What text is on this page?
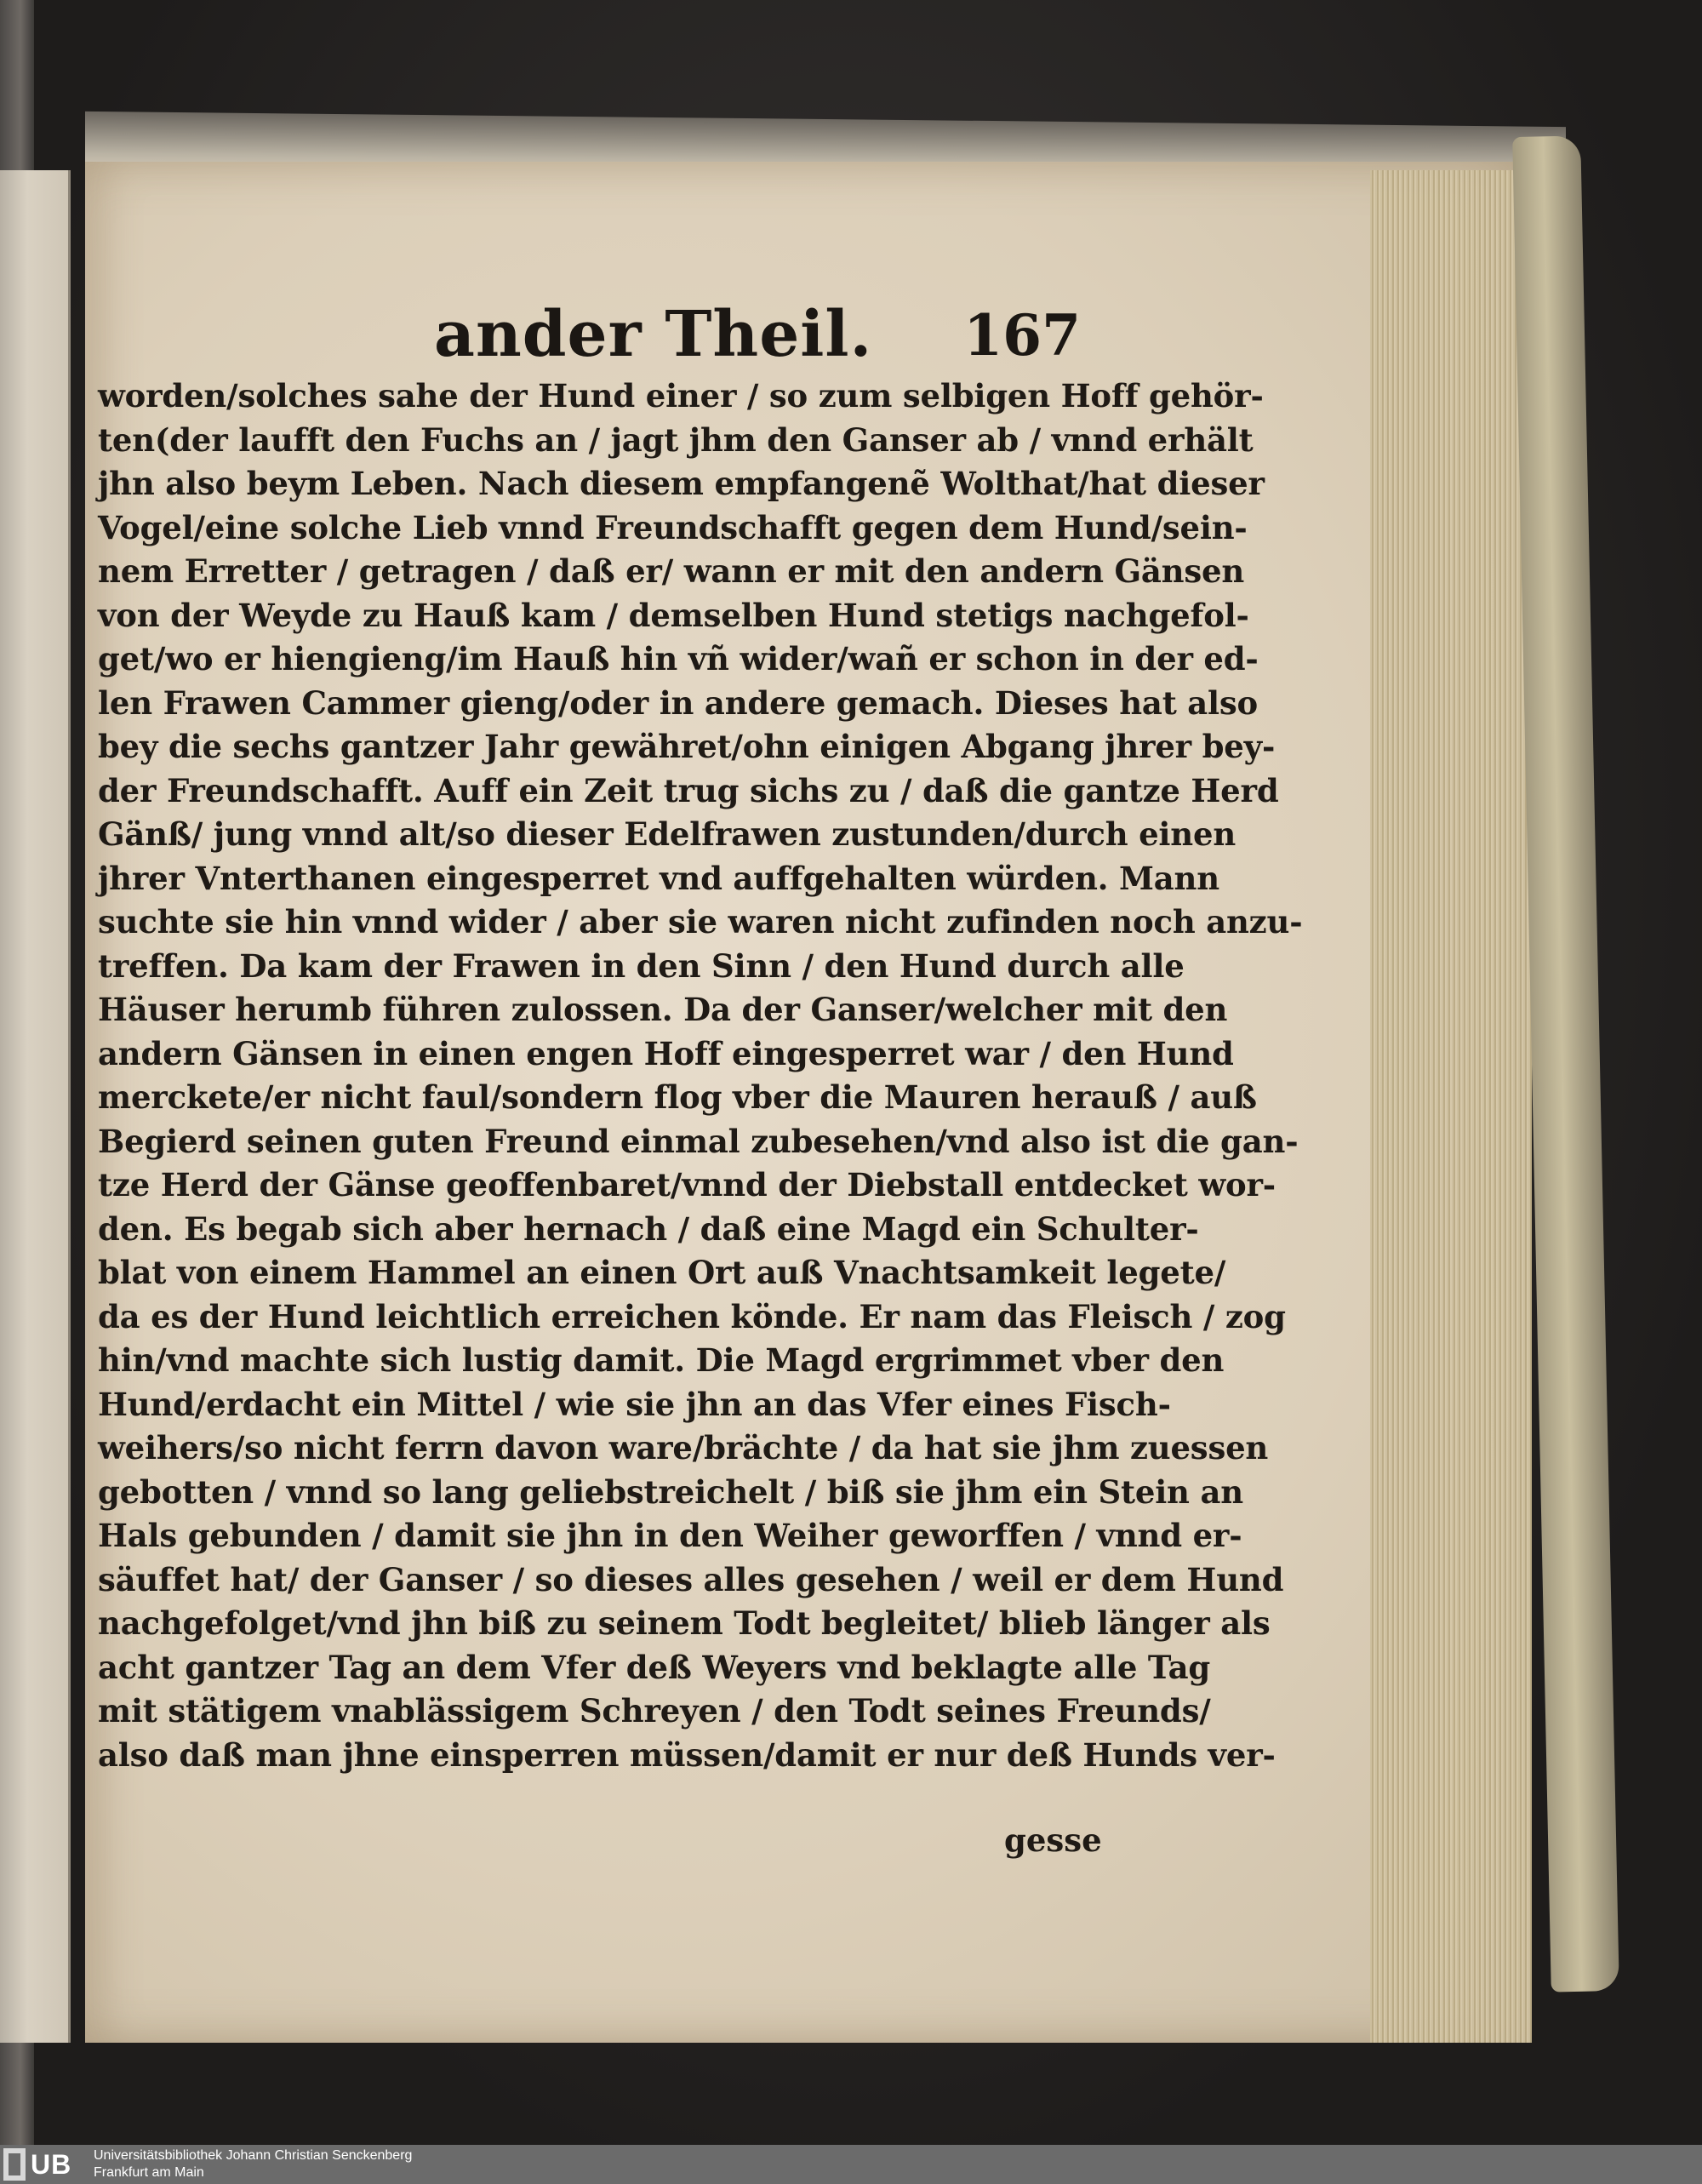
ander Theil. 167
worden/solches sahe der Hund einer / so zum selbigen Hoff gehör-
ten(der laufft den Fuchs an / jagt jhm den Ganser ab / vnnd erhält
jhn also beym Leben. Nach diesem empfangenẽ Wolthat/hat dieser
Vogel/eine solche Lieb vnnd Freundschafft gegen dem Hund/sein-
nem Erretter / getragen / daß er/ wann er mit den andern Gänsen
von der Weyde zu Hauß kam / demselben Hund stetigs nachgefol-
get/wo er hiengieng/im Hauß hin vñ wider/wañ er schon in der ed-
len Frawen Cammer gieng/oder in andere gemach. Dieses hat also
bey die sechs gantzer Jahr gewähret/ohn einigen Abgang jhrer bey-
der Freundschafft. Auff ein Zeit trug sichs zu / daß die gantze Herd
Gänß/ jung vnnd alt/so dieser Edelfrawen zustunden/durch einen
jhrer Vnterthanen eingesperret vnd auffgehalten würden. Mann
suchte sie hin vnnd wider / aber sie waren nicht zufinden noch anzu-
treffen. Da kam der Frawen in den Sinn / den Hund durch alle
Häuser herumb führen zulossen. Da der Ganser/welcher mit den
andern Gänsen in einen engen Hoff eingesperret war / den Hund
merckete/er nicht faul/sondern flog vber die Mauren herauß / auß
Begierd seinen guten Freund einmal zubesehen/vnd also ist die gan-
tze Herd der Gänse geoffenbaret/vnnd der Diebstall entdecket wor-
den. Es begab sich aber hernach / daß eine Magd ein Schulter-
blat von einem Hammel an einen Ort auß Vnachtsamkeit legete/
da es der Hund leichtlich erreichen könde. Er nam das Fleisch / zog
hin/vnd machte sich lustig damit. Die Magd ergrimmet vber den
Hund/erdacht ein Mittel / wie sie jhn an das Vfer eines Fisch-
weihers/so nicht ferrn davon ware/brächte / da hat sie jhm zuessen
gebotten / vnnd so lang geliebstreichelt / biß sie jhm ein Stein an
Hals gebunden / damit sie jhn in den Weiher geworffen / vnnd er-
säuffet hat/ der Ganser / so dieses alles gesehen / weil er dem Hund
nachgefolget/vnd jhn biß zu seinem Todt begleitet/ blieb länger als
acht gantzer Tag an dem Vfer deß Weyers vnd beklagte alle Tag
mit stätigem vnablässigem Schreyen / den Todt seines Freunds/
also daß man jhne einsperren müssen/damit er nur deß Hunds ver-
gesse
UB Universitätsbibliothek Johann Christian Senckenberg
Frankfurt am Main
